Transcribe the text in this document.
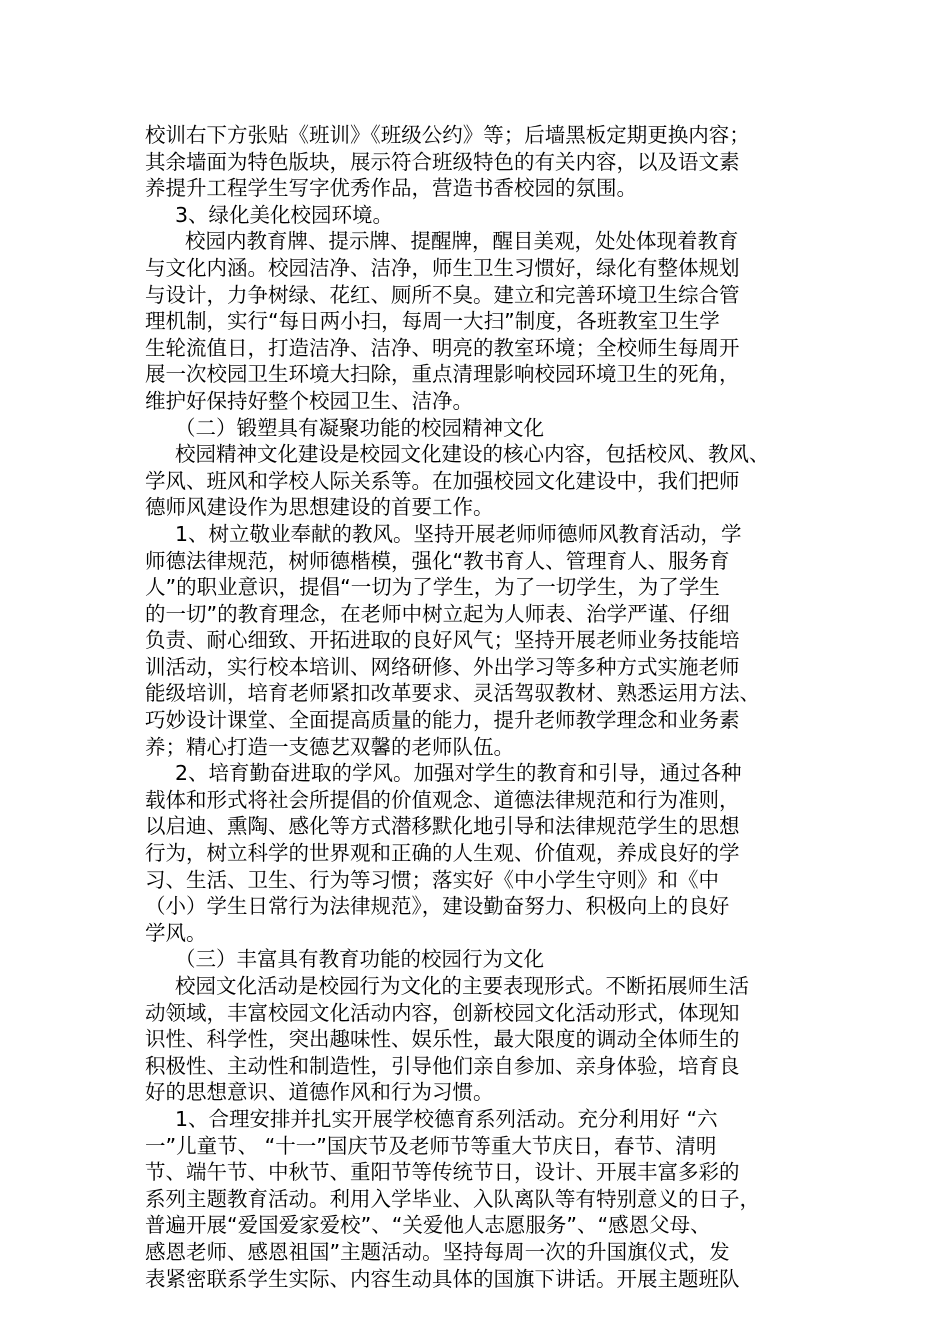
校训右下方张贴《班训》《班级公约》等；后墙黑板定期更换内容；
其余墙面为特色版块，展示符合班级特色的有关内容，以及语文素
养提升工程学生写字优秀作品，营造书香校园的氛围。
3、绿化美化校园环境。
校园内教育牌、提示牌、提醒牌，醒目美观，处处体现着教育
与文化内涵。校园洁净、洁净，师生卫生习惯好，绿化有整体规划
与设计，力争树绿、花红、厕所不臭。建立和完善环境卫生综合管
理机制，实行“每日两小扫，每周一大扫”制度，各班教室卫生学
生轮流值日，打造洁净、洁净、明亮的教室环境；全校师生每周开
展一次校园卫生环境大扫除，重点清理影响校园环境卫生的死角，
维护好保持好整个校园卫生、洁净。
（二）锻塑具有凝聚功能的校园精神文化
校园精神文化建设是校园文化建设的核心内容，包括校风、教风、
学风、班风和学校人际关系等。在加强校园文化建设中，我们把师
德师风建设作为思想建设的首要工作。
1、树立敬业奉献的教风。坚持开展老师师德师风教育活动，学
师德法律规范，树师德楷模，强化“教书育人、管理育人、服务育
人”的职业意识，提倡“一切为了学生，为了一切学生，为了学生
的一切”的教育理念，在老师中树立起为人师表、治学严谨、仔细
负责、耐心细致、开拓进取的良好风气；坚持开展老师业务技能培
训活动，实行校本培训、网络研修、外出学习等多种方式实施老师
能级培训，培育老师紧扣改革要求、灵活驾驭教材、熟悉运用方法、
巧妙设计课堂、全面提高质量的能力，提升老师教学理念和业务素
养；精心打造一支德艺双馨的老师队伍。
2、培育勤奋进取的学风。加强对学生的教育和引导，通过各种
载体和形式将社会所提倡的价值观念、道德法律规范和行为准则，
以启迪、熏陶、感化等方式潜移默化地引导和法律规范学生的思想
行为，树立科学的世界观和正确的人生观、价值观，养成良好的学
习、生活、卫生、行为等习惯；落实好《中小学生守则》和《中
（小）学生日常行为法律规范》，建设勤奋努力、积极向上的良好
学风。
（三）丰富具有教育功能的校园行为文化
校园文化活动是校园行为文化的主要表现形式。不断拓展师生活
动领域，丰富校园文化活动内容，创新校园文化活动形式，体现知
识性、科学性，突出趣味性、娱乐性，最大限度的调动全体师生的
积极性、主动性和制造性，引导他们亲自参加、亲身体验，培育良
好的思想意识、道德作风和行为习惯。
1、合理安排并扎实开展学校德育系列活动。充分利用好 “六
一”儿童节、 “十一”国庆节及老师节等重大节庆日，春节、清明
节、端午节、中秋节、重阳节等传统节日，设计、开展丰富多彩的
系列主题教育活动。利用入学毕业、入队离队等有特别意义的日子，
普遍开展“爱国爱家爱校”、“关爱他人志愿服务”、“感恩父母、
感恩老师、感恩祖国”主题活动。坚持每周一次的升国旗仪式，发
表紧密联系学生实际、内容生动具体的国旗下讲话。开展主题班队
